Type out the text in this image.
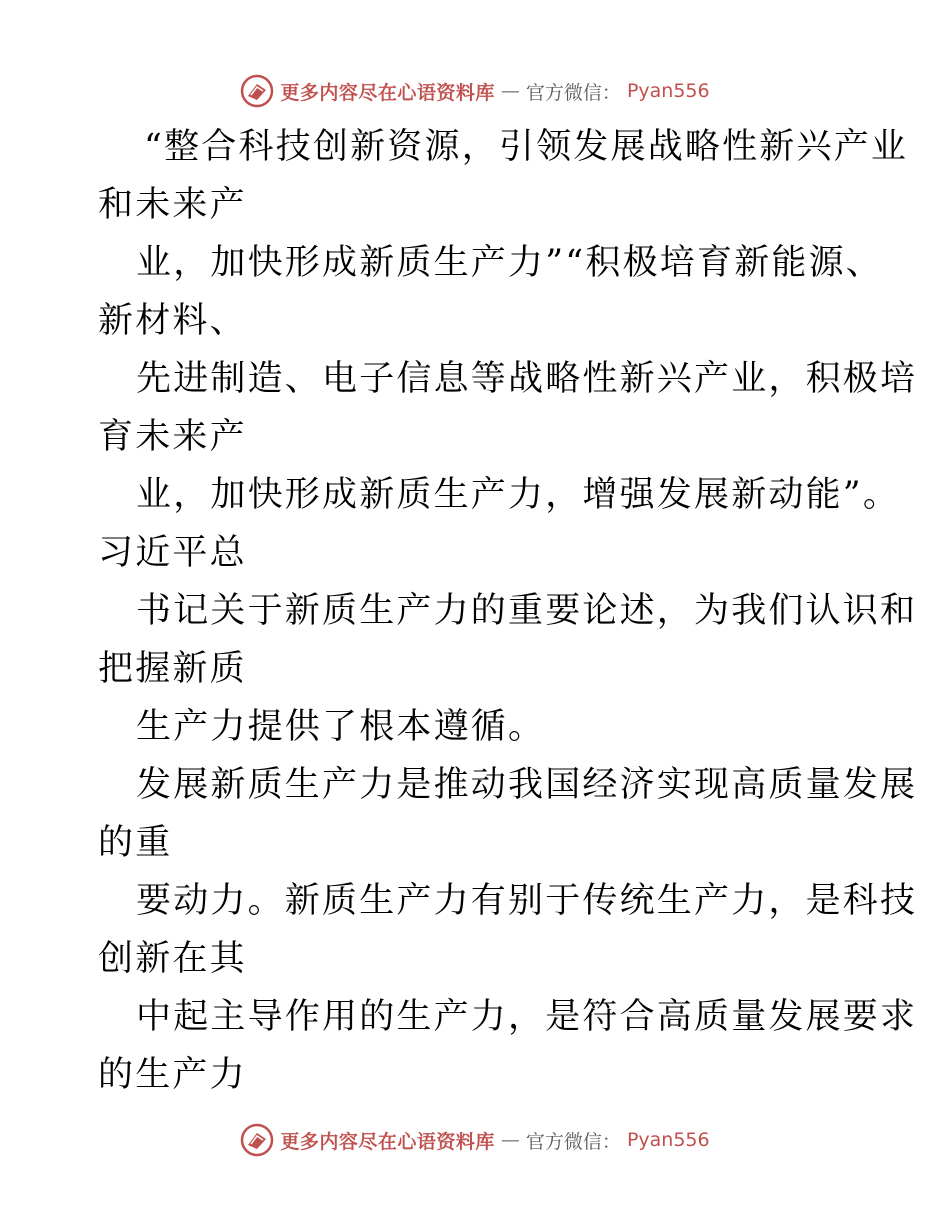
更多内容尽在心语资料库 — 官方微信： Pyan556
“整合科技创新资源，引领发展战略性新兴产业
和未来产
业，加快形成新质生产力”“积极培育新能源、
新材料、
先进制造、电子信息等战略性新兴产业，积极培
育未来产
业，加快形成新质生产力，增强发展新动能”。
习近平总
书记关于新质生产力的重要论述，为我们认识和
把握新质
生产力提供了根本遵循。
发展新质生产力是推动我国经济实现高质量发展
的重
要动力。新质生产力有别于传统生产力，是科技
创新在其
中起主导作用的生产力，是符合高质量发展要求
的生产力
更多内容尽在心语资料库 — 官方微信： Pyan556
